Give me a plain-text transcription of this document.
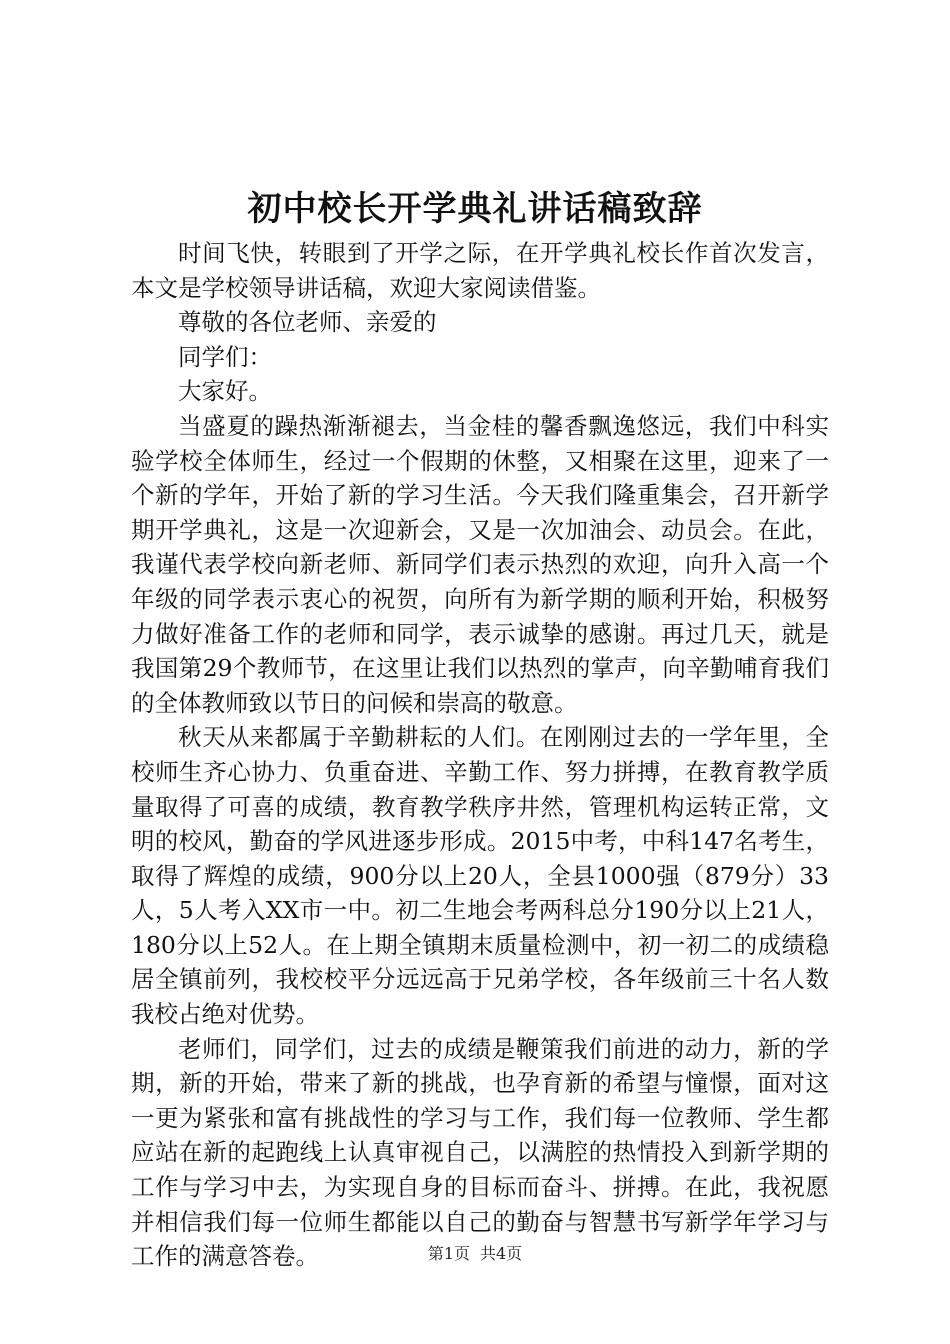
初中校长开学典礼讲话稿致辞

时间飞快，转眼到了开学之际，在开学典礼校长作首次发言，本文是学校领导讲话稿，欢迎大家阅读借鉴。

尊敬的各位老师、亲爱的

同学们：

大家好。

当盛夏的躁热渐渐褪去，当金桂的馨香飘逸悠远，我们中科实验学校全体师生，经过一个假期的休整，又相聚在这里，迎来了一个新的学年，开始了新的学习生活。今天我们隆重集会，召开新学期开学典礼，这是一次迎新会，又是一次加油会、动员会。在此，我谨代表学校向新老师、新同学们表示热烈的欢迎，向升入高一个年级的同学表示衷心的祝贺，向所有为新学期的顺利开始，积极努力做好准备工作的老师和同学，表示诚挚的感谢。再过几天，就是我国第29个教师节，在这里让我们以热烈的掌声，向辛勤哺育我们的全体教师致以节日的问候和崇高的敬意。

秋天从来都属于辛勤耕耘的人们。在刚刚过去的一学年里，全校师生齐心协力、负重奋进、辛勤工作、努力拼搏，在教育教学质量取得了可喜的成绩，教育教学秩序井然，管理机构运转正常，文明的校风，勤奋的学风进逐步形成。2015中考，中科147名考生，取得了辉煌的成绩，900分以上20人，全县1000强（879分）33人，5人考入XX市一中。初二生地会考两科总分190分以上21人，180分以上52人。在上期全镇期末质量检测中，初一初二的成绩稳居全镇前列，我校校平分远远高于兄弟学校，各年级前三十名人数我校占绝对优势。

老师们，同学们，过去的成绩是鞭策我们前进的动力，新的学期，新的开始，带来了新的挑战，也孕育新的希望与憧憬，面对这一更为紧张和富有挑战性的学习与工作，我们每一位教师、学生都应站在新的起跑线上认真审视自己，以满腔的热情投入到新学期的工作与学习中去，为实现自身的目标而奋斗、拼搏。在此，我祝愿并相信我们每一位师生都能以自己的勤奋与智慧书写新学年学习与工作的满意答卷。	第1页 共4页
